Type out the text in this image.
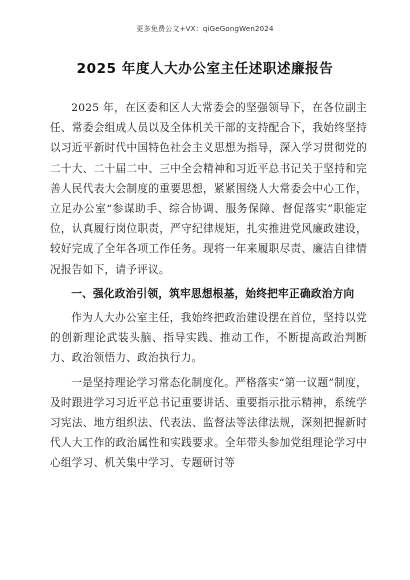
更多免费公文+VX：qiGeGongWen2024
2025 年度人大办公室主任述职述廉报告

2025 年，在区委和区人大常委会的坚强领导下，在各位副主任、常委会组成人员以及全体机关干部的支持配合下，我始终坚持以习近平新时代中国特色社会主义思想为指导，深入学习贯彻党的二十大、二十届二中、三中全会精神和习近平总书记关于坚持和完善人民代表大会制度的重要思想，紧紧围绕人大常委会中心工作，立足办公室“参谋助手、综合协调、服务保障、督促落实”职能定位，认真履行岗位职责，严守纪律规矩，扎实推进党风廉政建设，较好完成了全年各项工作任务。现将一年来履职尽责、廉洁自律情况报告如下，请予评议。

一、强化政治引领，筑牢思想根基，始终把牢正确政治方向

作为人大办公室主任，我始终把政治建设摆在首位，坚持以党的创新理论武装头脑、指导实践、推动工作，不断提高政治判断力、政治领悟力、政治执行力。

一是坚持理论学习常态化制度化。严格落实“第一议题”制度，及时跟进学习习近平总书记重要讲话、重要指示批示精神，系统学习宪法、地方组织法、代表法、监督法等法律法规，深刻把握新时代人大工作的政治属性和实践要求。全年带头参加党组理论学习中心组学习、机关集中学习、专题研讨等
